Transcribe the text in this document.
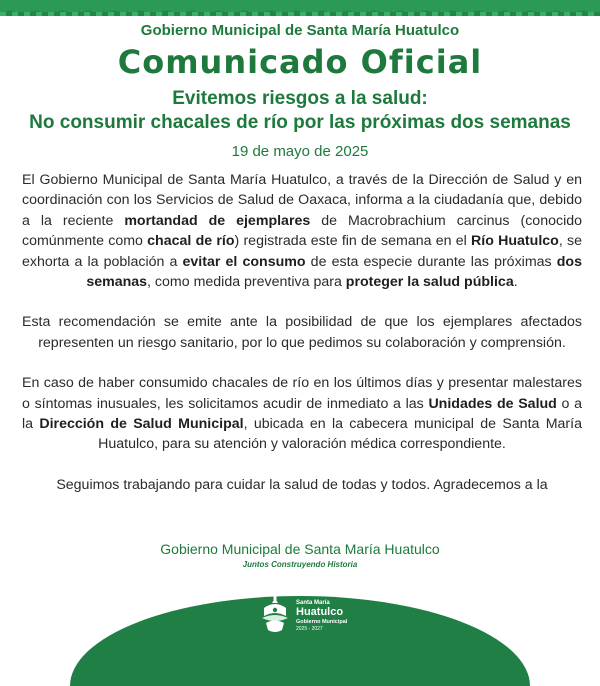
Gobierno Municipal de Santa María Huatulco
Comunicado Oficial
Evitemos riesgos a la salud:
No consumir chacales de río por las próximas dos semanas
19 de mayo de 2025

El Gobierno Municipal de Santa María Huatulco, a través de la Dirección de Salud y en coordinación con los Servicios de Salud de Oaxaca, informa a la ciudadanía que, debido a la reciente mortandad de ejemplares de Macrobrachium carcinus (conocido comúnmente como chacal de río) registrada este fin de semana en el Río Huatulco, se exhorta a la población a evitar el consumo de esta especie durante las próximas dos semanas, como medida preventiva para proteger la salud pública.

Esta recomendación se emite ante la posibilidad de que los ejemplares afectados representen un riesgo sanitario, por lo que pedimos su colaboración y comprensión.

En caso de haber consumido chacales de río en los últimos días y presentar malestares o síntomas inusuales, les solicitamos acudir de inmediato a las Unidades de Salud o a la Dirección de Salud Municipal, ubicada en la cabecera municipal de Santa María Huatulco, para su atención y valoración médica correspondiente.

Seguimos trabajando para cuidar la salud de todas y todos. Agradecemos a la

Gobierno Municipal de Santa María Huatulco
Juntos Construyendo Historia
Santa María
Huatulco
Gobierno Municipal
2025 - 2027
